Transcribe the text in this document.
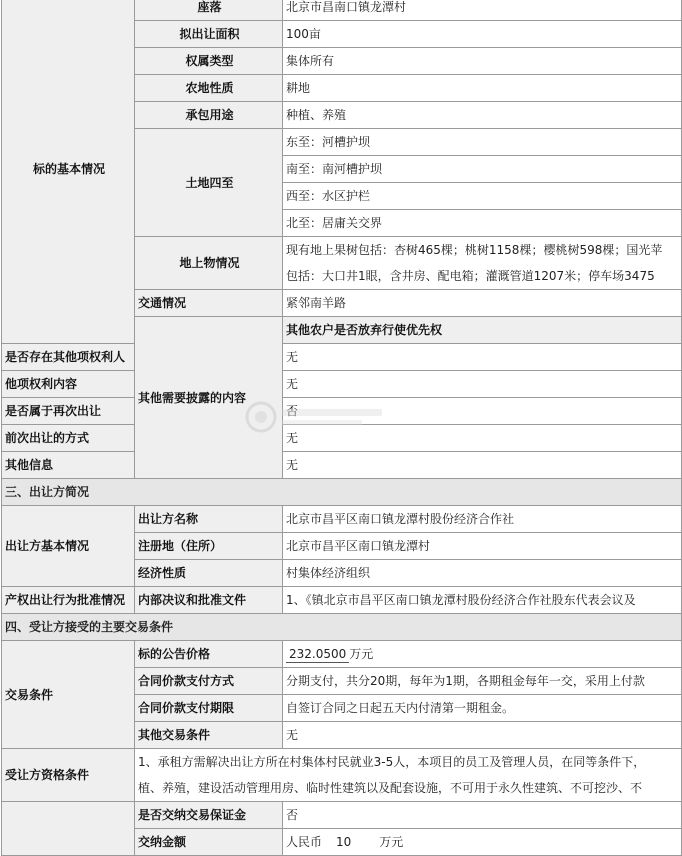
标的基本情况	座落	北京市昌南口镇龙潭村	
	拟出让面积	100亩	
	权属类型	集体所有	
	农地性质	耕地	
	承包用途	种植、养殖	
	土地四至	东至：河槽护坝	
		南至：南河槽护坝	
		西至：水区护栏	
		北至：居庸关交界	
	地上物情况	现有地上果树包括：杏树465棵；桃树1158棵；樱桃树598棵；国光苹
包括：大口井1眼，含井房、配电箱；灌溉管道1207米；停车场3475	

	交通情况	紧邻南羊路	
	其他需要披露的内容	其他农户是否放弃行使优先权	
是否存在其他项权利人		无	
他项权利内容		无	
是否属于再次出让		否	
前次出让的方式		无	
其他信息		无	
三、出让方简况			
出让方基本情况	出让方名称	北京市昌平区南口镇龙潭村股份经济合作社	
	注册地（住所）	北京市昌平区南口镇龙潭村	
	经济性质	村集体经济组织	
产权出让行为批准情况	内部决议和批准文件	1、《镇北京市昌平区南口镇龙潭村股份经济合作社股东代表会议及	
四、受让方接受的主要交易条件			
交易条件	标的公告价格	232.0500 万元	
	合同价款支付方式	分期支付，共分20期，每年为1期，各期租金每年一交，采用上付款	
	合同价款支付期限	自签订合同之日起五天内付清第一期租金。	
	其他交易条件	无	
受让方资格条件	1、承租方需解决出让方所在村集体村民就业3-5人，本项目的员工及管理人员，在同等条件下，
植、养殖，建设活动管理用房、临时性建筑以及配套设施，不可用于永久性建筑、不可挖沙、不		

	是否交纳交易保证金	否	
	交纳金额	人民币 10 万元	
